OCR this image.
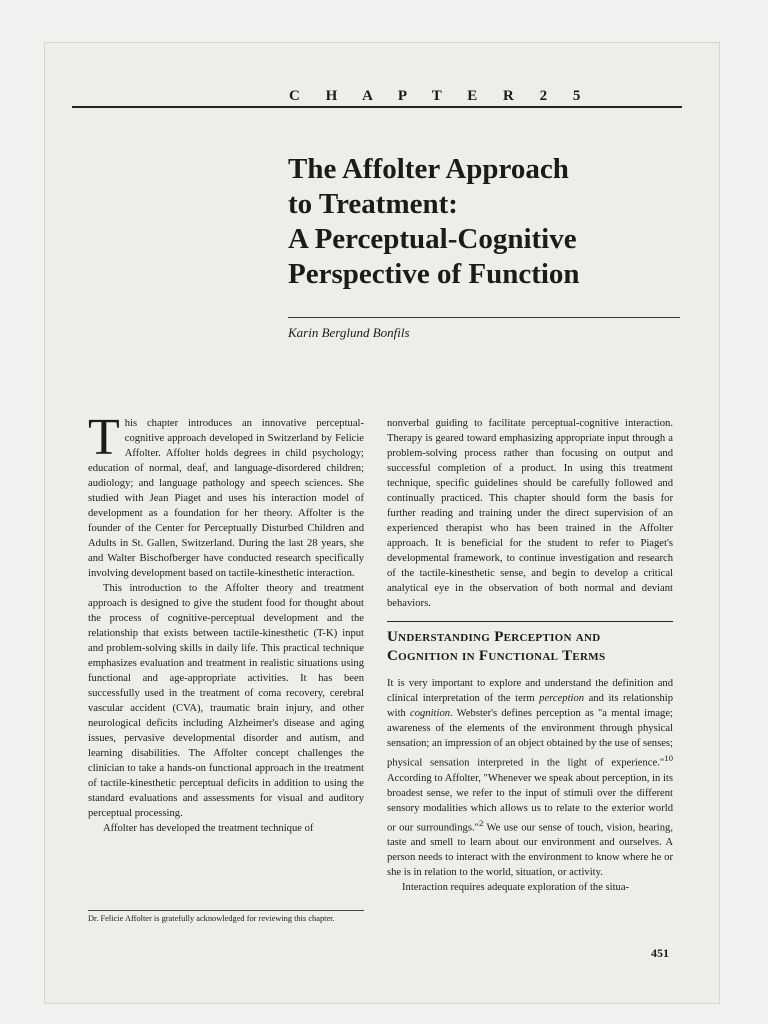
C H A P T E R 2 5
The Affolter Approach
to Treatment:
A Perceptual-Cognitive
Perspective of Function
Karin Berglund Bonfils

This chapter introduces an innovative perceptual-cognitive approach developed in Switzerland by Felicie Affolter. Affolter holds degrees in child psychology; education of normal, deaf, and language-disordered children; audiology; and language pathology and speech sciences. She studied with Jean Piaget and uses his interaction model of development as a foundation for her theory. Affolter is the founder of the Center for Perceptually Disturbed Children and Adults in St. Gallen, Switzerland. During the last 28 years, she and Walter Bischofberger have conducted research specifically involving development based on tactile-kinesthetic interaction.

This introduction to the Affolter theory and treatment approach is designed to give the student food for thought about the process of cognitive-perceptual development and the relationship that exists between tactile-kinesthetic (T-K) input and problem-solving skills in daily life. This practical technique emphasizes evaluation and treatment in realistic situations using functional and age-appropriate activities. It has been successfully used in the treatment of coma recovery, cerebral vascular accident (CVA), traumatic brain injury, and other neurological deficits including Alzheimer's disease and aging issues, pervasive developmental disorder and autism, and learning disabilities. The Affolter concept challenges the clinician to take a hands-on functional approach in the treatment of tactile-kinesthetic perceptual deficits in addition to using the standard evaluations and assessments for visual and auditory perceptual processing.

Affolter has developed the treatment technique of

nonverbal guiding to facilitate perceptual-cognitive interaction. Therapy is geared toward emphasizing appropriate input through a problem-solving process rather than focusing on output and successful completion of a product. In using this treatment technique, specific guidelines should be carefully followed and continually practiced. This chapter should form the basis for further reading and training under the direct supervision of an experienced therapist who has been trained in the Affolter approach. It is beneficial for the student to refer to Piaget's developmental framework, to continue investigation and research of the tactile-kinesthetic sense, and begin to develop a critical analytical eye in the observation of both normal and deviant behaviors.

Understanding Perception and Cognition in Functional Terms

It is very important to explore and understand the definition and clinical interpretation of the term perception and its relationship with cognition. Webster's defines perception as "a mental image; awareness of the elements of the environment through physical sensation; an impression of an object obtained by the use of senses; physical sensation interpreted in the light of experience."$^{10}$ According to Affolter, "Whenever we speak about perception, in its broadest sense, we refer to the input of stimuli over the different sensory modalities which allows us to relate to the exterior world or our surroundings."$^2$ We use our sense of touch, vision, hearing, taste and smell to learn about our environment and ourselves. A person needs to interact with the environment to know where he or she is in relation to the world, situation, or activity.

Interaction requires adequate exploration of the situa-

Dr. Felicie Affolter is gratefully acknowledged for reviewing this chapter.
451
